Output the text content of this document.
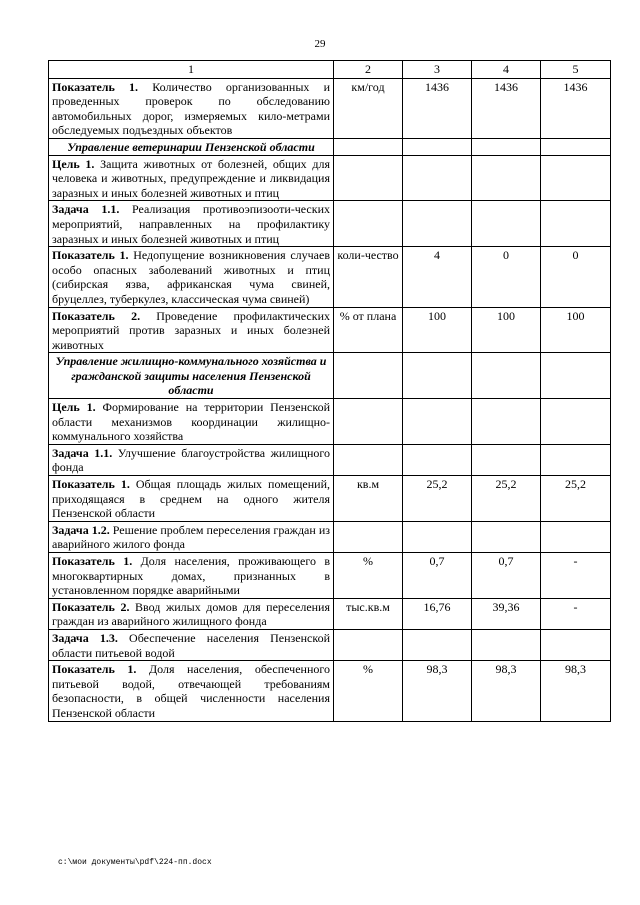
29
1	2	3	4	5
Показатель 1. Количество организованных и проведенных проверок по обследованию автомобильных дорог, измеряемых кило-метрами обследуемых подъездных объектов	км/год	1436	1436	1436
Управление ветеринарии Пензенской области				
Цель 1. Защита животных от болезней, общих для человека и животных, предупреждение и ликвидация заразных и иных болезней животных и птиц				
Задача 1.1. Реализация противоэпизооти-ческих мероприятий, направленных на профилактику заразных и иных болезней животных и птиц				
Показатель 1. Недопущение возникновения случаев особо опасных заболеваний животных и птиц (сибирская язва, африканская чума свиней, бруцеллез, туберкулез, классическая чума свиней)	коли-чество	4	0	0
Показатель 2. Проведение профилактических мероприятий против заразных и иных болезней животных	% от плана	100	100	100
Управление жилищно-коммунального хозяйства и гражданской защиты населения Пензенской области				
Цель 1. Формирование на территории Пензенской области механизмов координации жилищно-коммунального хозяйства				
Задача 1.1. Улучшение благоустройства жилищного фонда				
Показатель 1. Общая площадь жилых помещений, приходящаяся в среднем на одного жителя Пензенской области	кв.м	25,2	25,2	25,2
Задача 1.2. Решение проблем переселения граждан из аварийного жилого фонда				
Показатель 1. Доля населения, проживающего в многоквартирных домах, признанных в установленном порядке аварийными	%	0,7	0,7	-
Показатель 2. Ввод жилых домов для переселения граждан из аварийного жилищного фонда	тыс.кв.м	16,76	39,36	-
Задача 1.3. Обеспечение населения Пензенской области питьевой водой				
Показатель 1. Доля населения, обеспеченного питьевой водой, отвечающей требованиям безопасности, в общей численности населения Пензенской области	%	98,3	98,3	98,3
c:\мои документы\pdf\224-пп.docx
